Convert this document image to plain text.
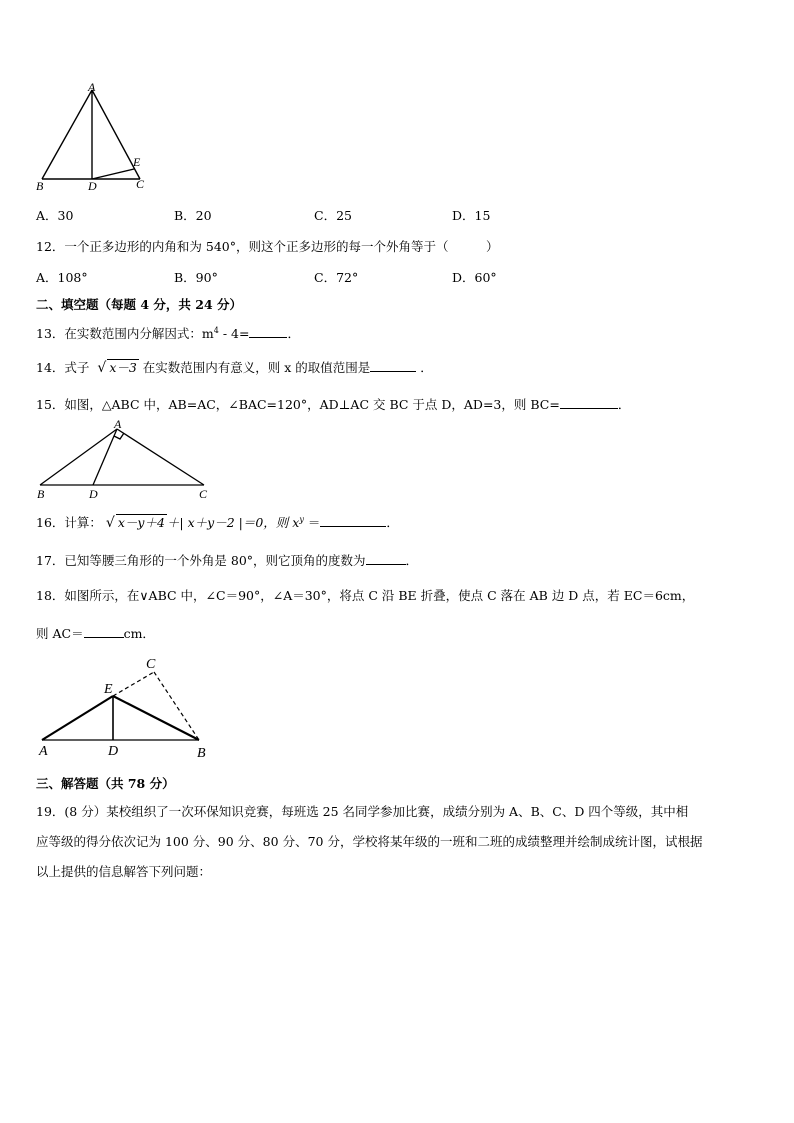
A
B	D	C
E
A．30	B．20	C．25	D．15
12．一个正多边形的内角和为 540°，则这个正多边形的每一个外角等于（　　　）
A．108°	B．90°	C．72°	D．60°
二、填空题（每题 4 分，共 24 分）
13．在实数范围内分解因式：$m^4 - 4=$	．
14．式子 √ x－3 在实数范围内有意义，则 x 的取值范围是	．
15．如图，△ABC 中，AB=AC，∠BAC=120°，AD⊥AC 交 BC 于点 D，AD=3，则 BC=	．
A
B	D	C
16．计算： √ x－y＋4 ＋| x＋y－2 |＝0，则 $x^y$ ＝	．
17．已知等腰三角形的一个外角是 80°，则它顶角的度数为	．
18．如图所示，在∨ABC 中，∠C＝90°，∠A＝30°，将点 C 沿 BE 折叠，使点 C 落在 AB 边 D 点，若 EC＝6cm，
则 AC＝	cm．
C
E
A	D	B
三、解答题（共 78 分）
19．(8 分）某校组织了一次环保知识竞赛，每班选 25 名同学参加比赛，成绩分别为 A、B、C、D 四个等级，其中相
应等级的得分依次记为 100 分、90 分、80 分、70 分，学校将某年级的一班和二班的成绩整理并绘制成统计图，试根据
以上提供的信息解答下列问题：
